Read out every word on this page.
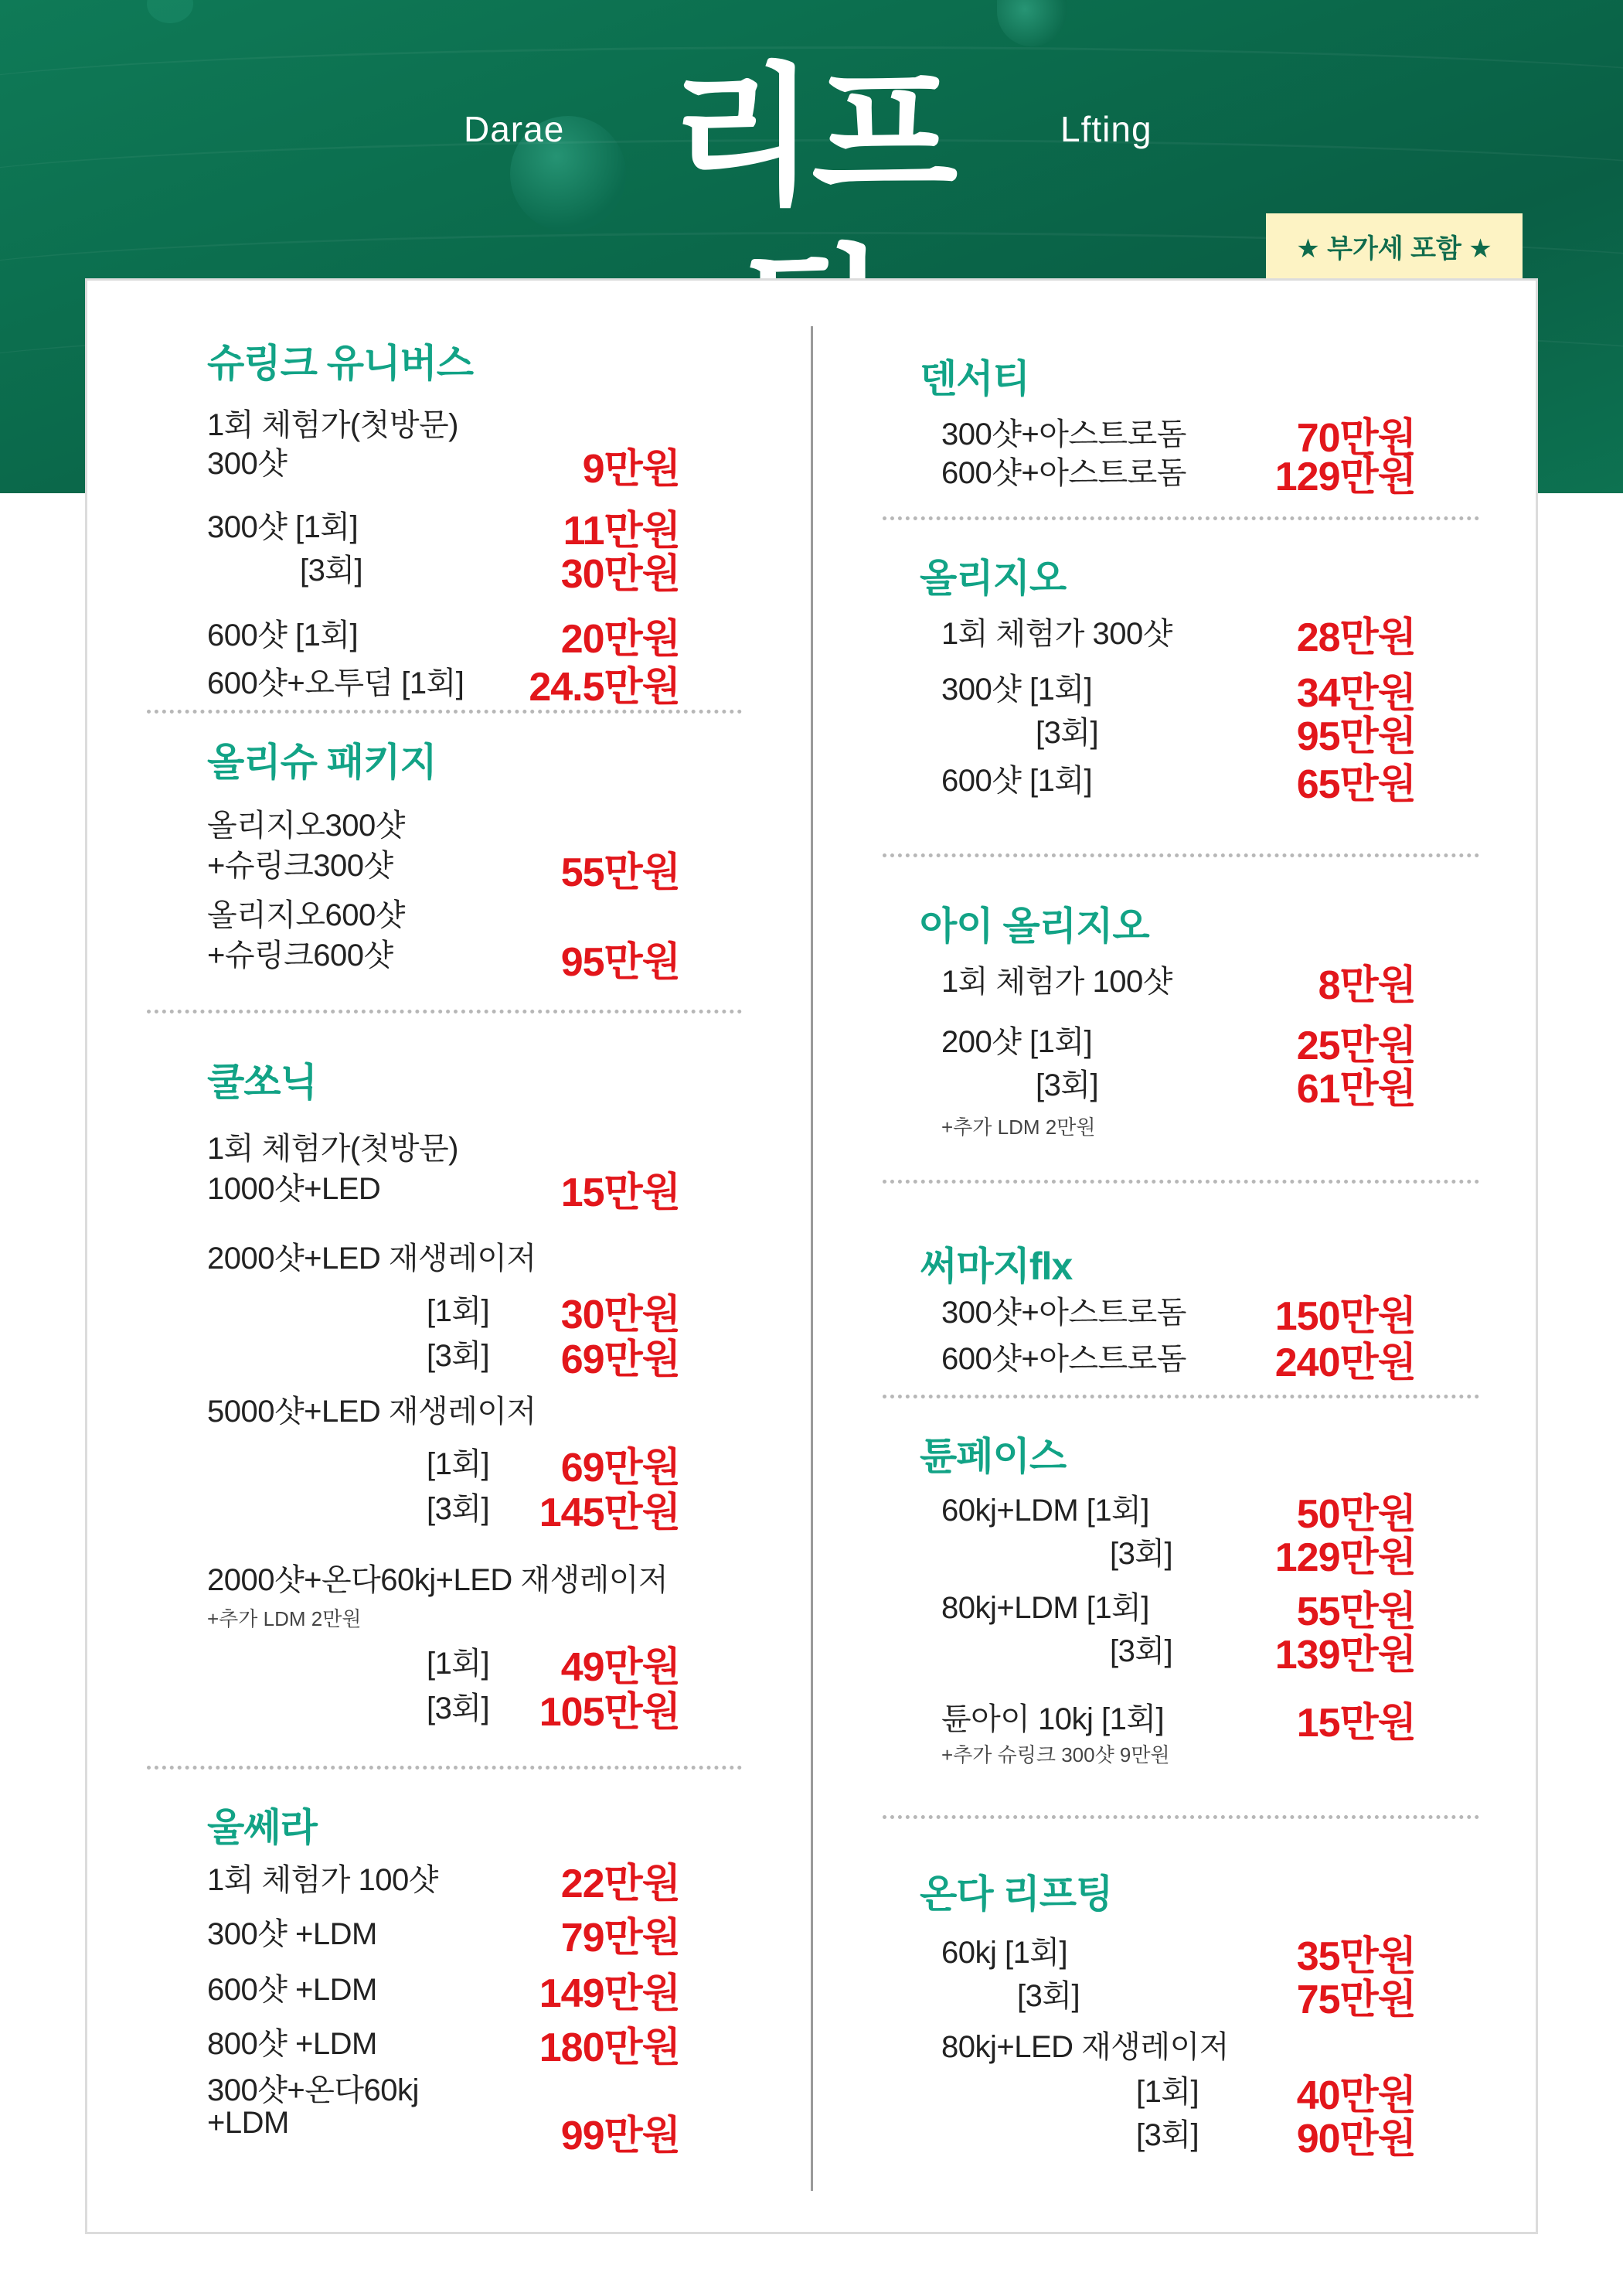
Darae 리프	Lfting
★ 부가세 포함 ★
슈링크 유니버스
1회 체험가(첫방문)
300샷	9만원
300샷 [1회]	11만원
[3회]	30만원
600샷 [1회]	20만원
600샷+오투덤 [1회] 24.5만원
올리슈 패키지
올리지오300샷
+슈링크300샷	55만원
올리지오600샷
+슈링크600샷	95만원
쿨쏘닉
1회 체험가(첫방문)
1000샷+LED	15만원
2000샷+LED 재생레이저
[1회] 30만원
[3회] 69만원
5000샷+LED 재생레이저
[1회] 69만원
[3회] 145만원
2000샷+온다60kj+LED 재생레이저
+추가 LDM 2만원
[1회] 49만원
[3회] 105만원
울쎄라
1회 체험가 100샷	22만원
300샷 +LDM	79만원
600샷 +LDM	149만원
800샷 +LDM	180만원
300샷+온다60kj
+LDM	99만원
덴서티
300샷+아스트로돔	70만원
600샷+아스트로돔 129만원
올리지오
1회 체험가 300샷	28만원
300샷 [1회]	34만원
[3회]	95만원
600샷 [1회]	65만원
아이 올리지오
1회 체험가 100샷	8만원
200샷 [1회]	25만원
[3회]	61만원
+추가 LDM 2만원
써마지flx
300샷+아스트로돔 150만원
600샷+아스트로돔 240만원
튠페이스
60kj+LDM [1회]	50만원
[3회]	129만원
80kj+LDM [1회]	55만원
[3회]	139만원
튠아이 10kj [1회]	15만원
+추가 슈링크 300샷 9만원
온다 리프팅
60kj [1회]	35만원
[3회]	75만원
80kj+LED 재생레이저
[1회] 40만원
[3회] 90만원
